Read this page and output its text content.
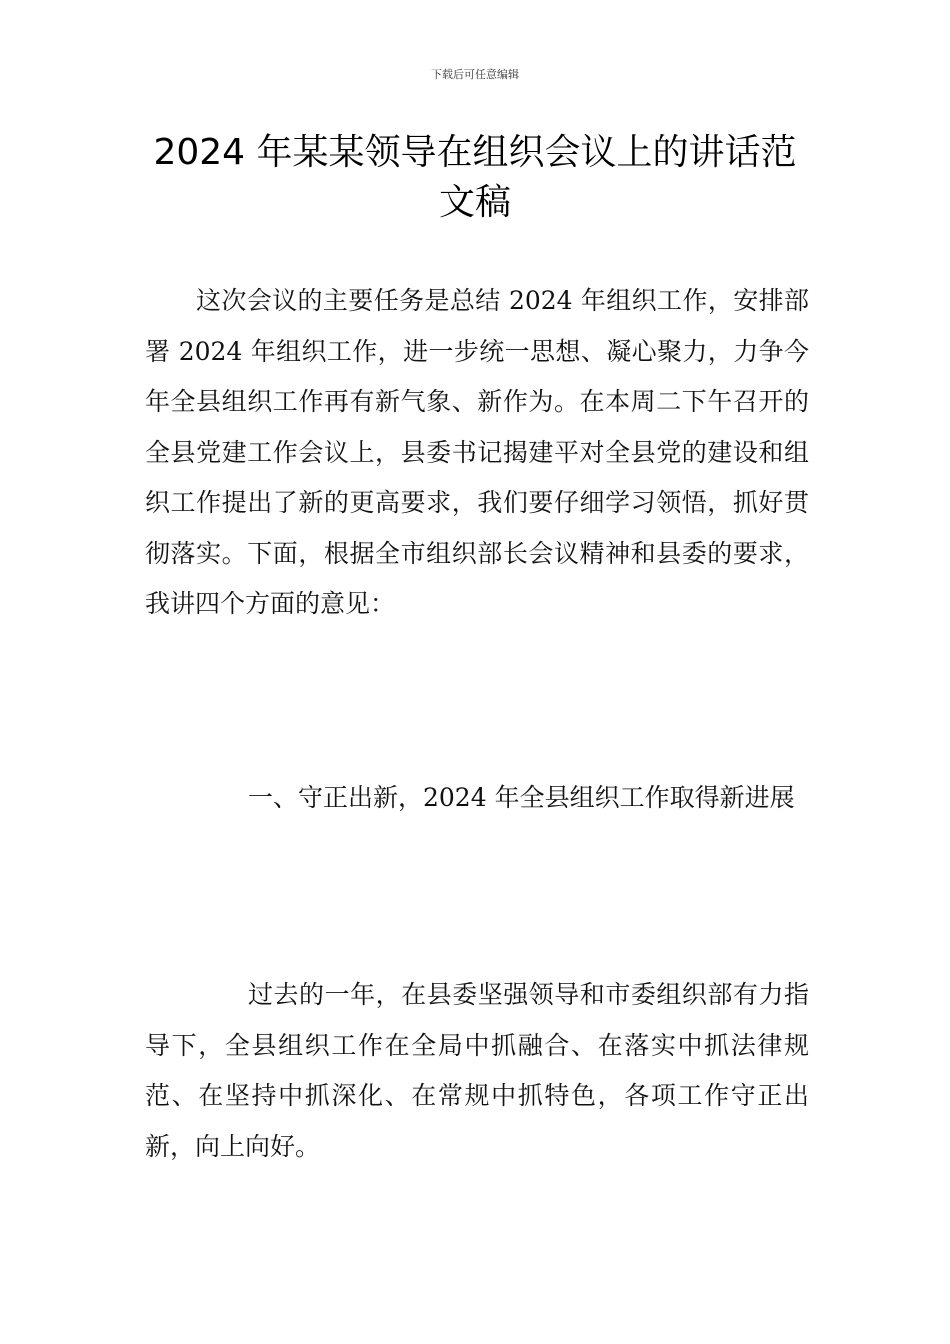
下载后可任意编辑
2024 年某某领导在组织会议上的讲话范文稿

这次会议的主要任务是总结 2024 年组织工作，安排部署 2024 年组织工作，进一步统一思想、凝心聚力，力争今年全县组织工作再有新气象、新作为。在本周二下午召开的全县党建工作会议上，县委书记揭建平对全县党的建设和组织工作提出了新的更高要求，我们要仔细学习领悟，抓好贯彻落实。下面，根据全市组织部长会议精神和县委的要求，我讲四个方面的意见：

一、守正出新，2024 年全县组织工作取得新进展

过去的一年，在县委坚强领导和市委组织部有力指导下，全县组织工作在全局中抓融合、在落实中抓法律规范、在坚持中抓深化、在常规中抓特色，各项工作守正出新，向上向好。
